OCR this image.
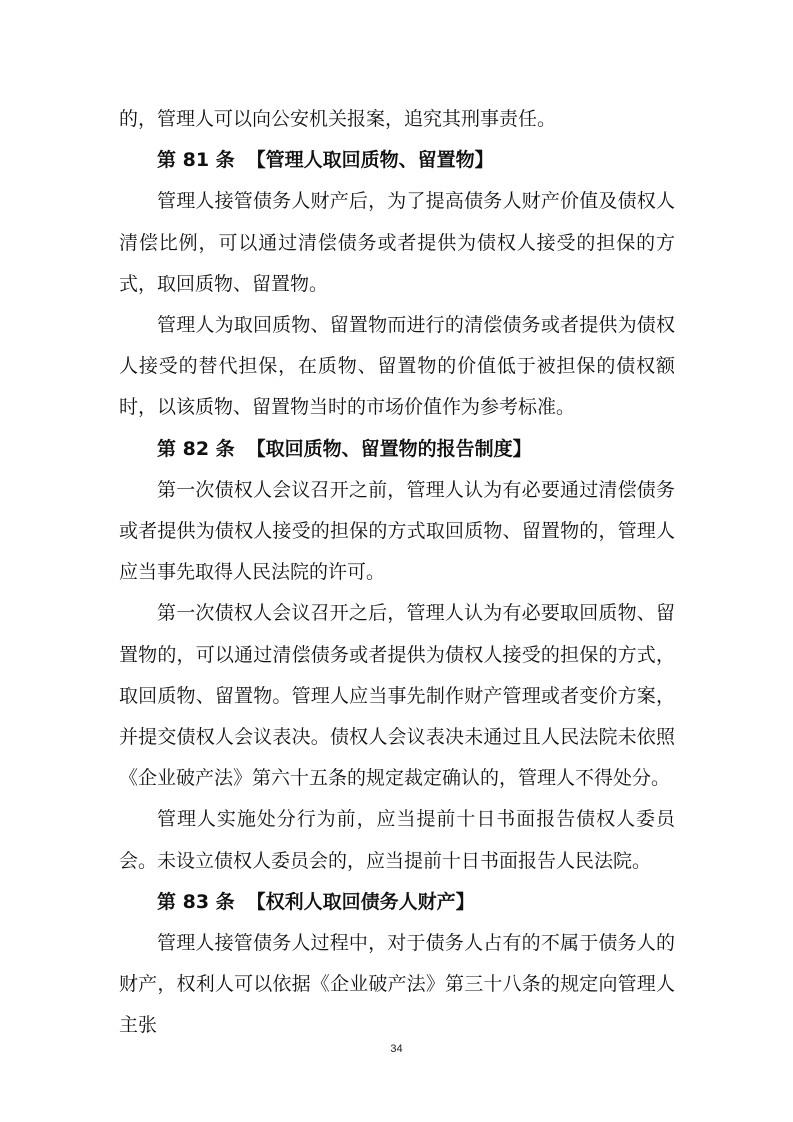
的，管理人可以向公安机关报案，追究其刑事责任。

第 81 条 【管理人取回质物、留置物】

管理人接管债务人财产后，为了提高债务人财产价值及债权人清偿比例，可以通过清偿债务或者提供为债权人接受的担保的方式，取回质物、留置物。

管理人为取回质物、留置物而进行的清偿债务或者提供为债权人接受的替代担保，在质物、留置物的价值低于被担保的债权额时，以该质物、留置物当时的市场价值作为参考标准。

第 82 条 【取回质物、留置物的报告制度】

第一次债权人会议召开之前，管理人认为有必要通过清偿债务或者提供为债权人接受的担保的方式取回质物、留置物的，管理人应当事先取得人民法院的许可。

第一次债权人会议召开之后，管理人认为有必要取回质物、留置物的，可以通过清偿债务或者提供为债权人接受的担保的方式，取回质物、留置物。管理人应当事先制作财产管理或者变价方案，并提交债权人会议表决。债权人会议表决未通过且人民法院未依照《企业破产法》第六十五条的规定裁定确认的，管理人不得处分。

管理人实施处分行为前，应当提前十日书面报告债权人委员会。未设立债权人委员会的，应当提前十日书面报告人民法院。

第 83 条 【权利人取回债务人财产】

管理人接管债务人过程中，对于债务人占有的不属于债务人的财产，权利人可以依据《企业破产法》第三十八条的规定向管理人主张

34
